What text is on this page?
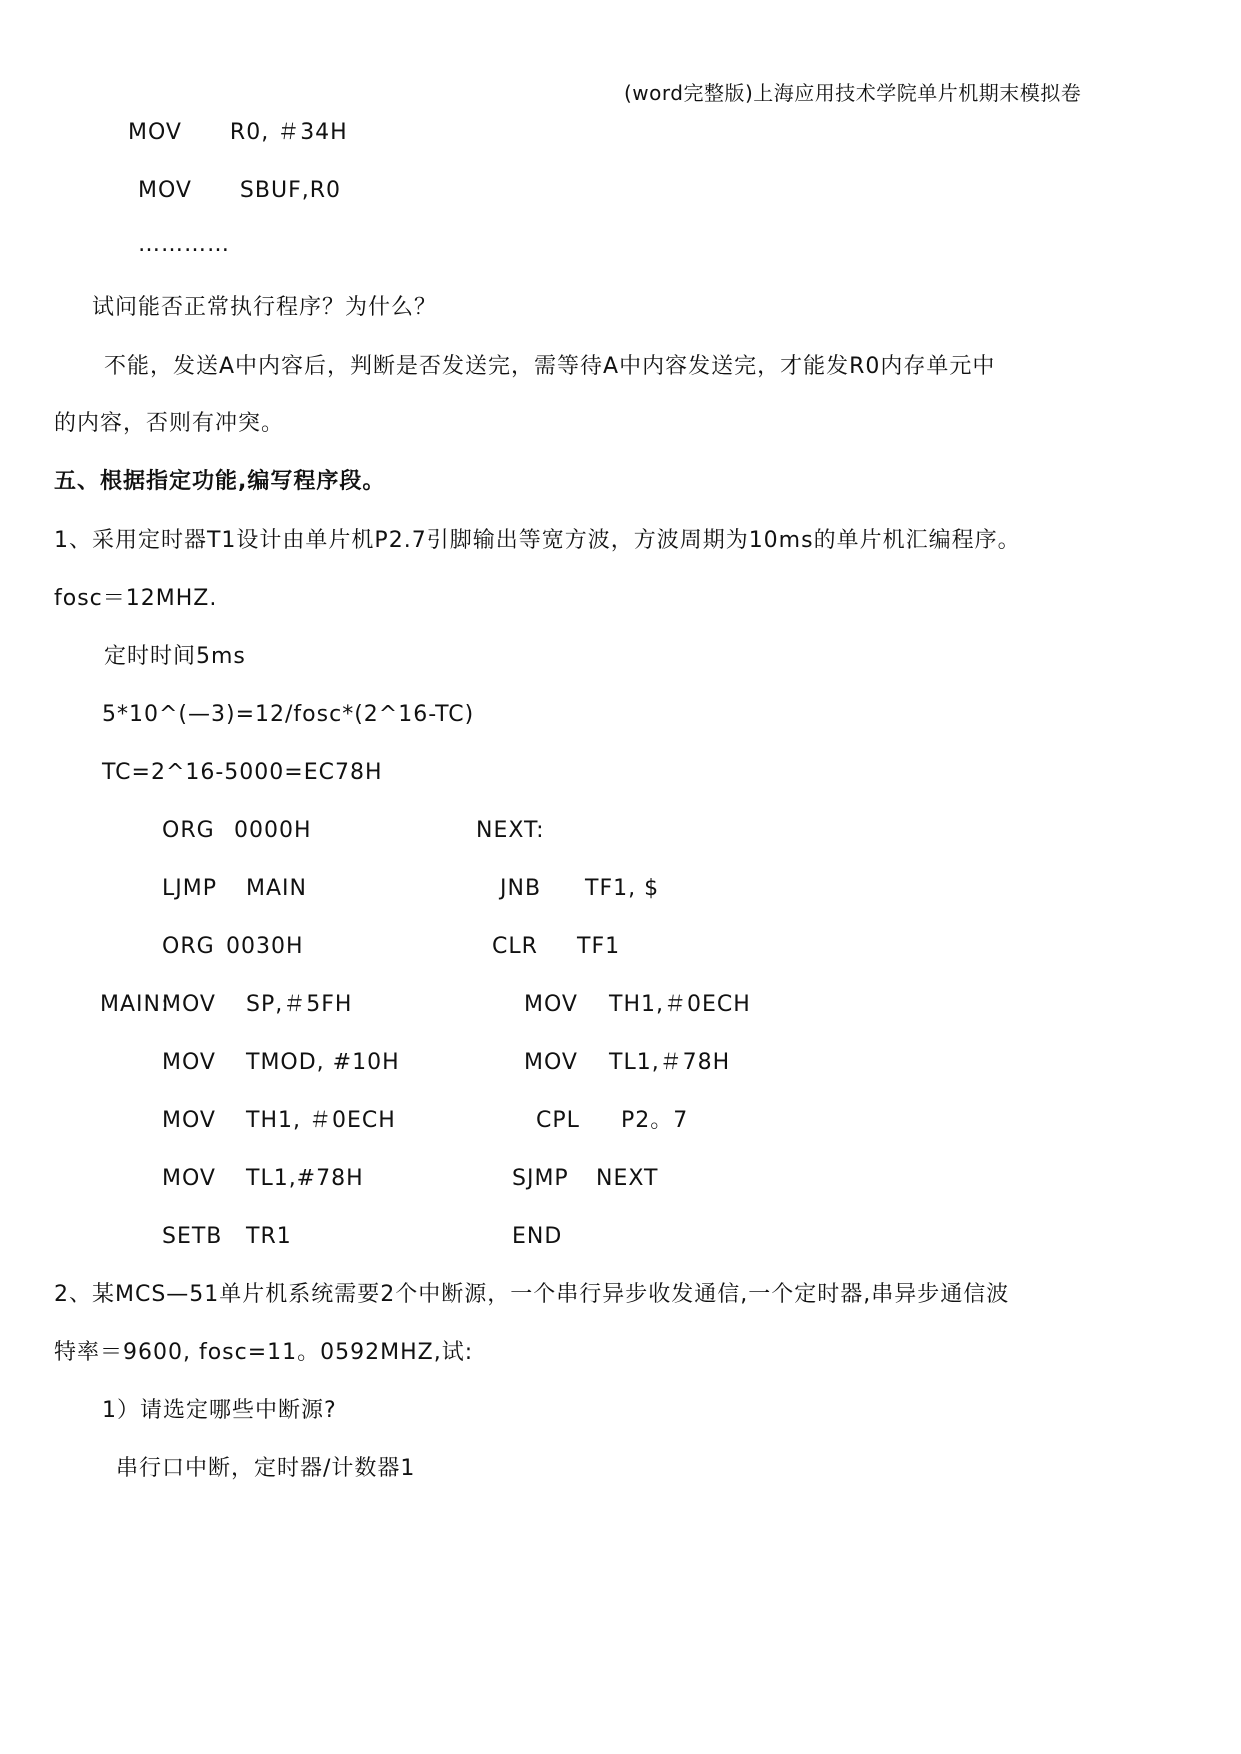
(word完整版)上海应用技术学院单片机期末模拟卷
MOV      R0, ＃34H
MOV      SBUF,R0
…………
试问能否正常执行程序？为什么？
不能，发送A中内容后，判断是否发送完，需等待A中内容发送完，才能发R0内存单元中
的内容，否则有冲突。
五、根据指定功能,编写程序段。
1、采用定时器T1设计由单片机P2.7引脚输出等宽方波，方波周期为10ms的单片机汇编程序。
fosc＝12MHZ.
定时时间5ms
5*10^(—3)=12/fosc*(2^16-TC)
TC=2^16-5000=EC78H
ORG 0000H
LJMP MAIN
ORG 0030H
MAIN:
MOV SP,＃5FH
MOV TMOD, #10H
MOV TH1, ＃0ECH
MOV TL1,#78H
SETB TR1
NEXT:
JNB TF1, $
CLR TF1
MOV TH1,＃0ECH
MOV TL1,＃78H
CPL P2。7
SJMP NEXT
END
2、某MCS—51单片机系统需要2个中断源，一个串行异步收发通信,一个定时器,串异步通信波
特率＝9600, fosc=11。0592MHZ,试:
1）请选定哪些中断源?
串行口中断，定时器/计数器1
